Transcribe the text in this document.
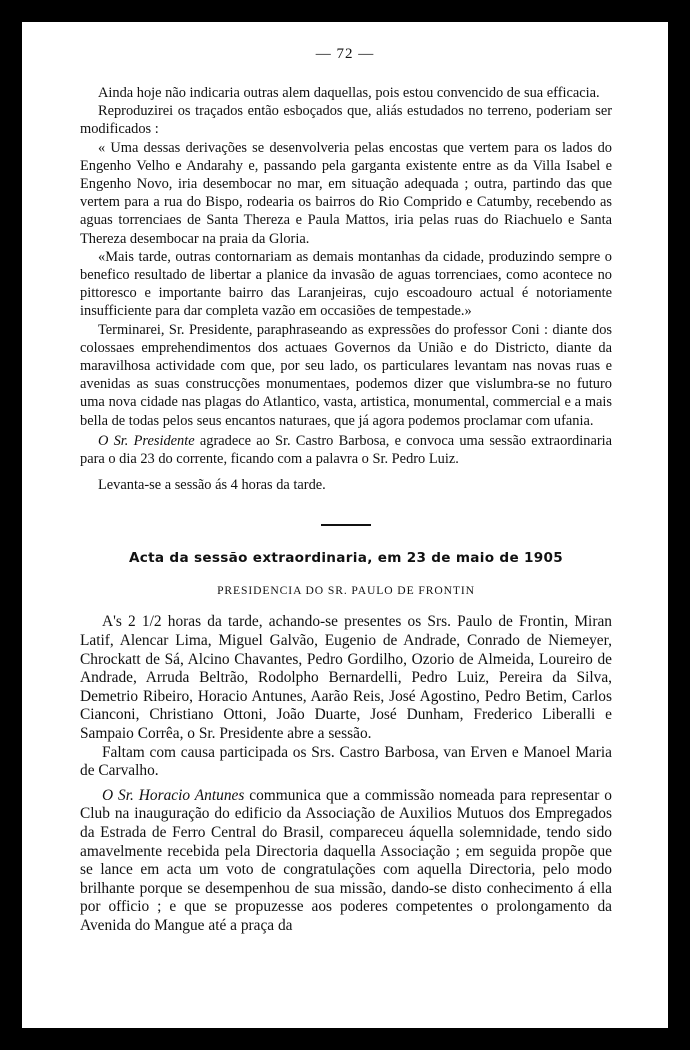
— 72 —

Ainda hoje não indicaria outras alem daquellas, pois estou convencido de sua efficacia.

Reproduzirei os traçados então esboçados que, aliás estudados no terreno, poderiam ser modificados :

« Uma dessas derivações se desenvolveria pelas encostas que vertem para os lados do Engenho Velho e Andarahy e, passando pela garganta existente entre as da Villa Isabel e Engenho Novo, iria desembocar no mar, em situação adequada ; outra, partindo das que vertem para a rua do Bispo, rodearia os bairros do Rio Comprido e Catumby, recebendo as aguas torrenciaes de Santa Thereza e Paula Mattos, iria pelas ruas do Riachuelo e Santa Thereza desembocar na praia da Gloria.

«Mais tarde, outras contornariam as demais montanhas da cidade, produzindo sempre o benefico resultado de libertar a planice da invasão de aguas torrenciaes, como acontece no pittoresco e importante bairro das Laranjeiras, cujo escoadouro actual é notoriamente insufficiente para dar completa vazão em occasiões de tempestade.»

Terminarei, Sr. Presidente, paraphraseando as expressões do professor Coni : diante dos colossaes emprehendimentos dos actuaes Governos da União e do Districto, diante da maravilhosa actividade com que, por seu lado, os particulares levantam nas novas ruas e avenidas as suas construcções monumentaes, podemos dizer que vislumbra-se no futuro uma nova cidade nas plagas do Atlantico, vasta, artistica, monumental, commercial e a mais bella de todas pelos seus encantos naturaes, que já agora podemos proclamar com ufania.

O Sr. Presidente agradece ao Sr. Castro Barbosa, e convoca uma sessão extraordinaria para o dia 23 do corrente, ficando com a palavra o Sr. Pedro Luiz.

Levanta-se a sessão ás 4 horas da tarde.

Acta da sessão extraordinaria, em 23 de maio de 1905
PRESIDENCIA DO SR. PAULO DE FRONTIN

A's 2 1/2 horas da tarde, achando-se presentes os Srs. Paulo de Frontin, Miran Latif, Alencar Lima, Miguel Galvão, Eugenio de Andrade, Conrado de Niemeyer, Chrockatt de Sá, Alcino Chavantes, Pedro Gordilho, Ozorio de Almeida, Loureiro de Andrade, Arruda Beltrão, Rodolpho Bernardelli, Pedro Luiz, Pereira da Silva, Demetrio Ribeiro, Horacio Antunes, Aarão Reis, José Agostino, Pedro Betim, Carlos Cianconi, Christiano Ottoni, João Duarte, José Dunham, Frederico Liberalli e Sampaio Corrêa, o Sr. Presidente abre a sessão.

Faltam com causa participada os Srs. Castro Barbosa, van Erven e Manoel Maria de Carvalho.

O Sr. Horacio Antunes communica que a commissão nomeada para representar o Club na inauguração do edificio da Associação de Auxilios Mutuos dos Empregados da Estrada de Ferro Central do Brasil, compareceu áquella solemnidade, tendo sido amavelmente recebida pela Directoria daquella Associação ; em seguida propõe que se lance em acta um voto de congratulações com aquella Directoria, pelo modo brilhante porque se desempenhou de sua missão, dando-se disto conhecimento á ella por officio ; e que se propuzesse aos poderes competentes o prolongamento da Avenida do Mangue até a praça da
